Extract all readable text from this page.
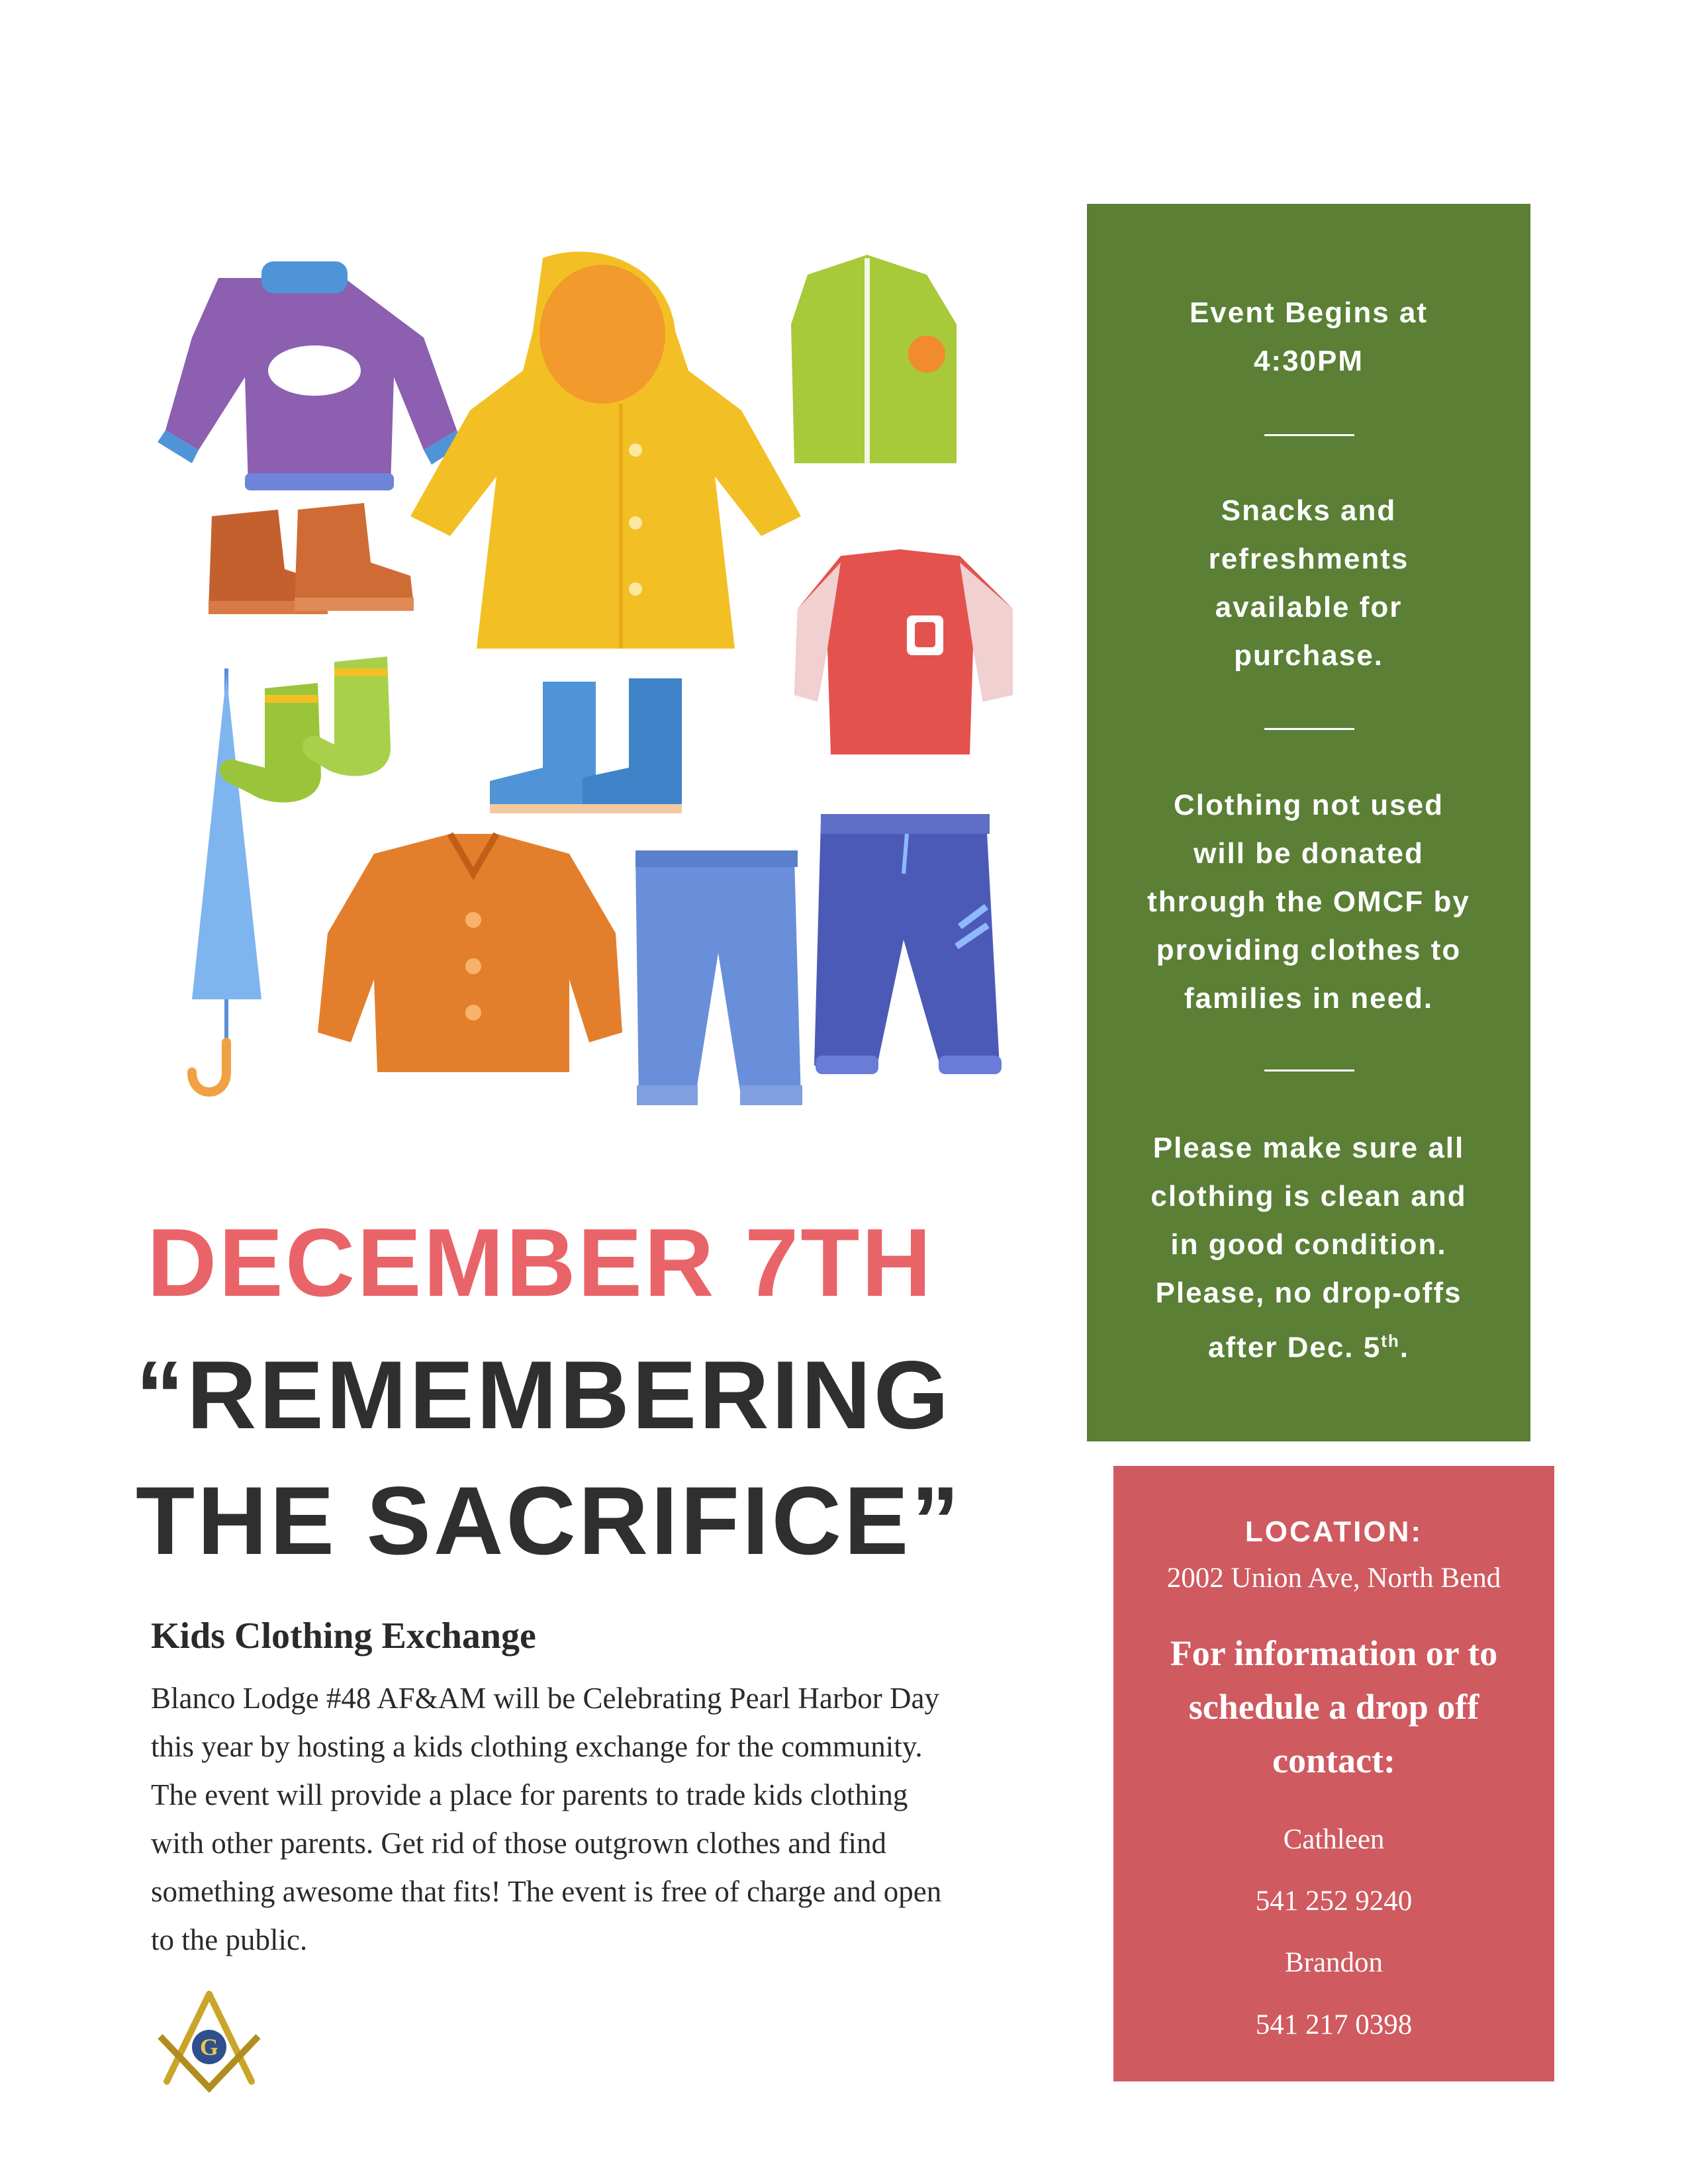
DECEMBER 7TH
“REMEMBERING
THE SACRIFICE”
Kids Clothing Exchange
Blanco Lodge #48 AF&AM will be Celebrating Pearl Harbor Day
this year by hosting a kids clothing exchange for the community.
The event will provide a place for parents to trade kids clothing
with other parents. Get rid of those outgrown clothes and find
something awesome that fits! The event is free of charge and open
to the public.
G
Event Begins at
4:30PM
Snacks and
refreshments
available for
purchase.
Clothing not used
will be donated
through the OMCF by
providing clothes to
families in need.
Please make sure all
clothing is clean and
in good condition.
Please, no drop-offs
after Dec. 5th.
LOCATION:
2002 Union Ave, North Bend
For information or to
schedule a drop off
contact:
Cathleen
541 252 9240
Brandon
541 217 0398
